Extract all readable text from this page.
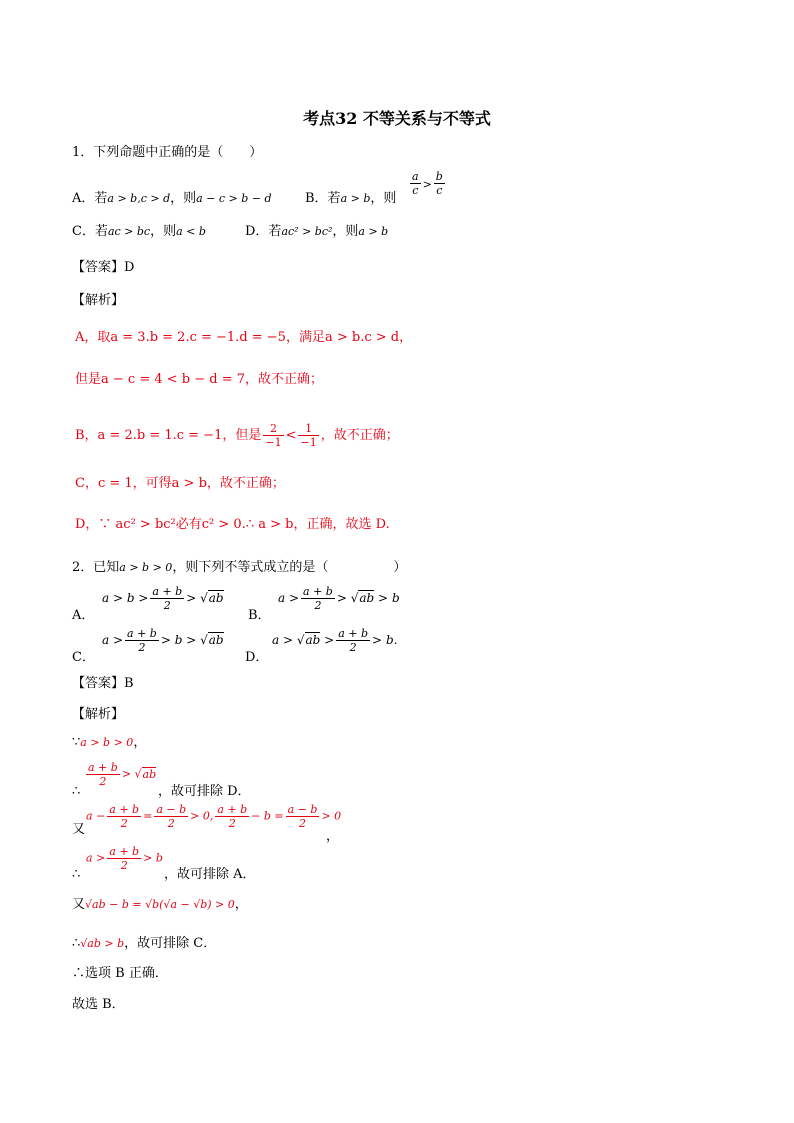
考点32 不等关系与不等式
1．下列命题中正确的是（　　）
A．若a > b,c > d，则a − c > b − d	B．若a > b，则
$\frac{a}{c} > \frac{b}{c}$
C．若ac > bc，则a < b	D．若ac² > bc²，则a > b
【答案】D
【解析】
A，取a = 3.b = 2.c = −1.d = −5，满足a > b.c > d，
但是a − c = 4 < b − d = 7，故不正确；
B，a = 2.b = 1.c = −1，但是 $\frac{2}{-1} < \frac{1}{-1}$ ，故不正确；
C，c = 1，可得a > b，故不正确；
D，∵ ac² > bc²必有c² > 0.∴ a > b，正确，故选 D.
2．已知a > b > 0，则下列不等式成立的是（　　　　　）
A．
$a > b > \frac{a + b}{2} > √ab$
B．
$a > \frac{a + b}{2} > √ab > b$
C．
$a > \frac{a + b}{2} > b > √ab$
D．
$a > √ab > \frac{a + b}{2} > b$.
【答案】B
【解析】
∵a > b > 0，
∴
$\frac{a + b}{2} > √ab$
，故可排除 D．
又
$a - \frac{a + b}{2} = \frac{a - b}{2} > 0$, $\frac{a + b}{2} - b = \frac{a - b}{2} > 0$
，
∴
$a > \frac{a + b}{2} > b$
，故可排除 A．
又√ab − b = √b(√a − √b) > 0，
∴√ab > b，故可排除 C．
∴选项 B 正确．
故选 B．
